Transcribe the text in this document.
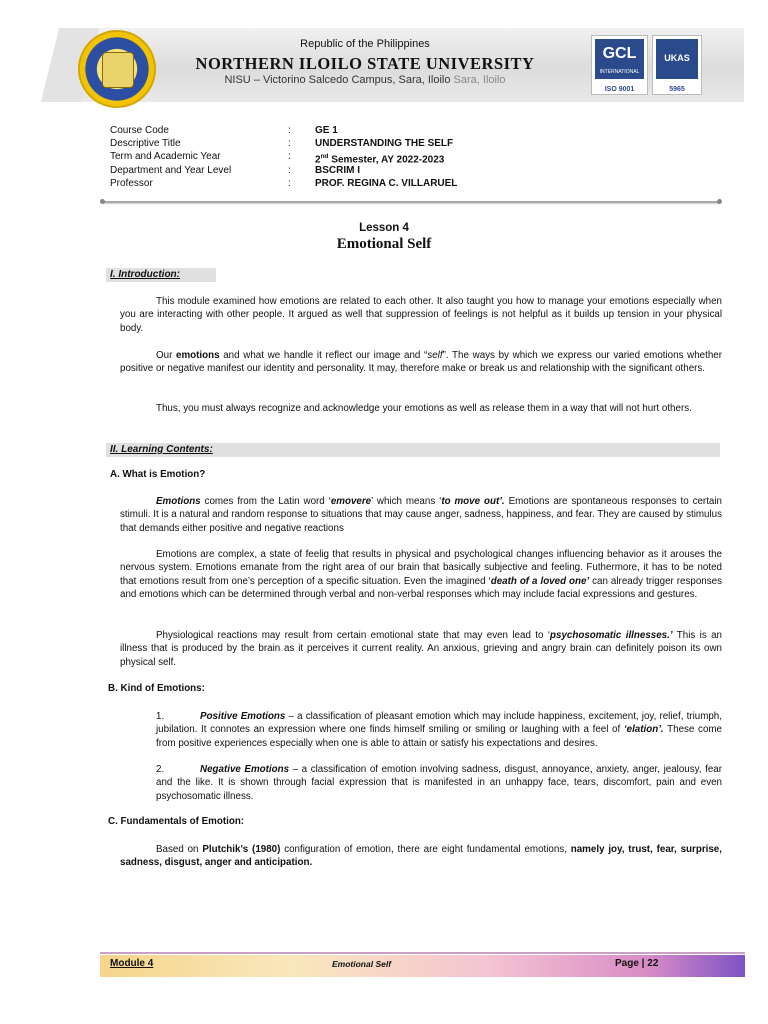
Republic of the Philippines
NORTHERN ILOILO STATE UNIVERSITY
NISU – Victorino Salcedo Campus, Sara, Iloilo Sara, Iloilo
GCL
INTERNATIONAL
ISO 9001
UKAS
5965
Course Code	: GE 1
Descriptive Title	: UNDERSTANDING THE SELF
Term and Academic Year	: 2nd Semester, AY 2022-2023
Department and Year Level	: BSCRIM I
Professor	: PROF. REGINA C. VILLARUEL
Lesson 4
Emotional Self
I. Introduction:
This module examined how emotions are related to each other. It also taught you how to manage your emotions especially when you are interacting with other people. It argued as well that suppression of feelings is not helpful as it builds up tension in your physical body.
Our emotions and what we handle it reflect our image and “self”. The ways by which we express our varied emotions whether positive or negative manifest our identity and personality. It may, therefore make or break us and relationship with the significant others.
Thus, you must always recognize and acknowledge your emotions as well as release them in a way that will not hurt others.
II. Learning Contents:
A. What is Emotion?
Emotions comes from the Latin word ‘emovere’ which means ‘to move out’. Emotions are spontaneous responses to certain stimuli. It is a natural and random response to situations that may cause anger, sadness, happiness, and fear. They are caused by stimulus that demands either positive and negative reactions
Emotions are complex, a state of feelig that results in physical and psychological changes influencing behavior as it arouses the nervous system. Emotions emanate from the right area of our brain that basically subjective and feeling. Futhermore, it has to be noted that emotions result from one’s perception of a specific situation. Even the imagined ‘death of a loved one’ can already trigger responses and emotions which can be determined through verbal and non-verbal responses which may include facial expressions and gestures.
Physiological reactions may result from certain emotional state that may even lead to ‘psychosomatic illnesses.’ This is an illness that is produced by the brain as it perceives it current reality. An anxious, grieving and angry brain can definitely poison its own physical self.
B. Kind of Emotions:
1.	Positive Emotions – a classification of pleasant emotion which may include happiness, excitement, joy, relief, triumph, jubilation. It connotes an expression where one finds himself smiling or smiling or laughing with a feel of ‘elation’. These come from positive experiences especially when one is able to attain or satisfy his expectations and desires.
2.	Negative Emotions – a classification of emotion involving sadness, disgust, annoyance, anxiety, anger, jealousy, fear and the like. It is shown through facial expression that is manifested in an unhappy face, tears, discomfort, pain and even psychosomatic illness.
C. Fundamentals of Emotion:
Based on Plutchik’s (1980) configuration of emotion, there are eight fundamental emotions, namely joy, trust, fear, surprise, sadness, disgust, anger and anticipation.
Module 4	Emotional Self	Page | 22
